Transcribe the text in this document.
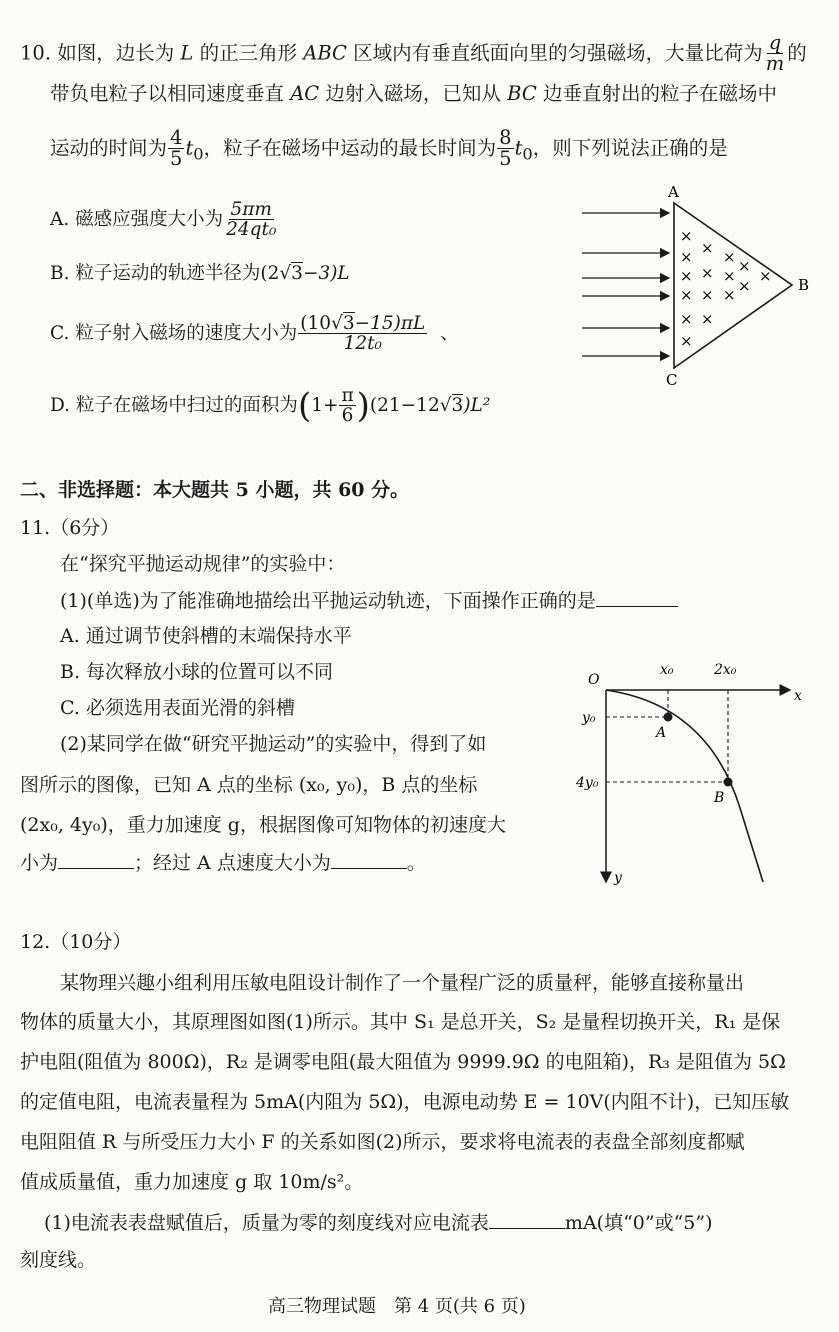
10. 如图，边长为 L 的正三角形 ABC 区域内有垂直纸面向里的匀强磁场，大量比荷为 $\frac{q}{m}$ 的
带负电粒子以相同速度垂直 AC 边射入磁场，已知从 BC 边垂直射出的粒子在磁场中
运动的时间为 $\frac{4}{5} t_0$，粒子在磁场中运动的最长时间为 $\frac{8}{5} t_0$，则下列说法正确的是
A. 磁感应强度大小为 $\frac{5\pi m}{\text{24qt₀}}$
B. 粒子运动的轨迹半径为(2√3−3)L
C. 粒子射入磁场的速度大小为 $\frac{(10√3-15)\pi L}{\text{12t₀}}$ 、
D. 粒子在磁场中扫过的面积为$(1+ \frac{\pi}{6} )(21-12√3)L^2$
A
B
C
×
×
× ×
× × ×
×
×
× × × ×
× ×
×
二、非选择题：本大题共 5 小题，共 60 分。
11.（6分）
在“探究平抛运动规律”的实验中：
(1)(单选)为了能准确地描绘出平抛运动轨迹，下面操作正确的是
A. 通过调节使斜槽的末端保持水平
B. 每次释放小球的位置可以不同
C. 必须选用表面光滑的斜槽
(2)某同学在做“研究平抛运动”的实验中，得到了如
图所示的图像，已知 A 点的坐标 (x₀, y₀)，B 点的坐标
(2x₀, 4y₀)，重力加速度 g，根据图像可知物体的初速度大
小为	；经过 A 点速度大小为	。
O
x₀	2x₀
x
y₀
4y₀
y
A
B
12.（10分）
某物理兴趣小组利用压敏电阻设计制作了一个量程广泛的质量秤，能够直接称量出
物体的质量大小，其原理图如图(1)所示。其中 S₁ 是总开关，S₂ 是量程切换开关，R₁ 是保
护电阻(阻值为 800Ω)，R₂ 是调零电阻(最大阻值为 9999.9Ω 的电阻箱)，R₃ 是阻值为 5Ω
的定值电阻，电流表量程为 5mA(内阻为 5Ω)，电源电动势 E = 10V(内阻不计)，已知压敏
电阻阻值 R 与所受压力大小 F 的关系如图(2)所示，要求将电流表的表盘全部刻度都赋
值成质量值，重力加速度 g 取 10m/s²。
(1)电流表表盘赋值后，质量为零的刻度线对应电流表	mA(填“0”或“5”)
刻度线。
高三物理试题　第 4 页(共 6 页)
